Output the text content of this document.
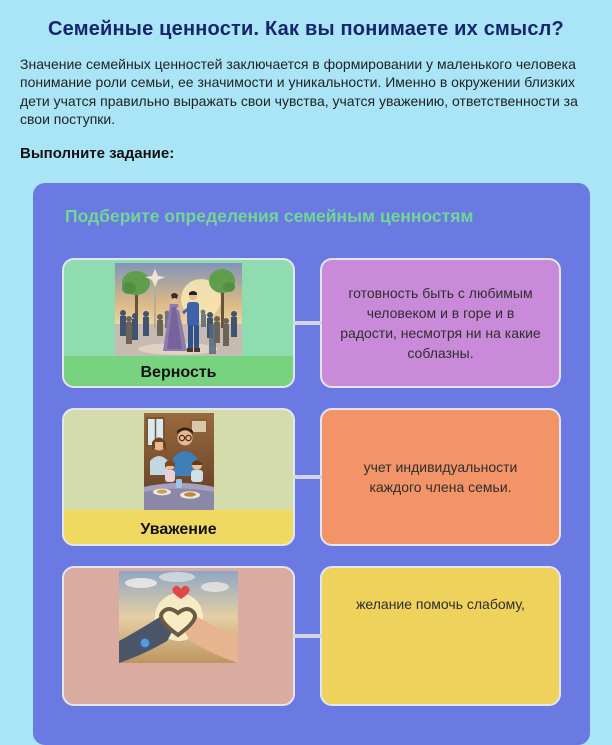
Семейные ценности. Как вы понимаете их смысл?

Значение семейных ценностей заключается в формировании у маленького человека понимание роли семьи, ее значимости и уникальности. Именно в окружении близких дети учатся правильно выражать свои чувства, учатся уважению, ответственности за свои поступки.

Выполните задание:

Подберите определения семейным ценностям
Верность
готовность быть с любимым человеком и в горе и в радости, несмотря ни на какие соблазны.
Уважение
учет индивидуальности каждого члена семьи.
желание помочь слабому,
